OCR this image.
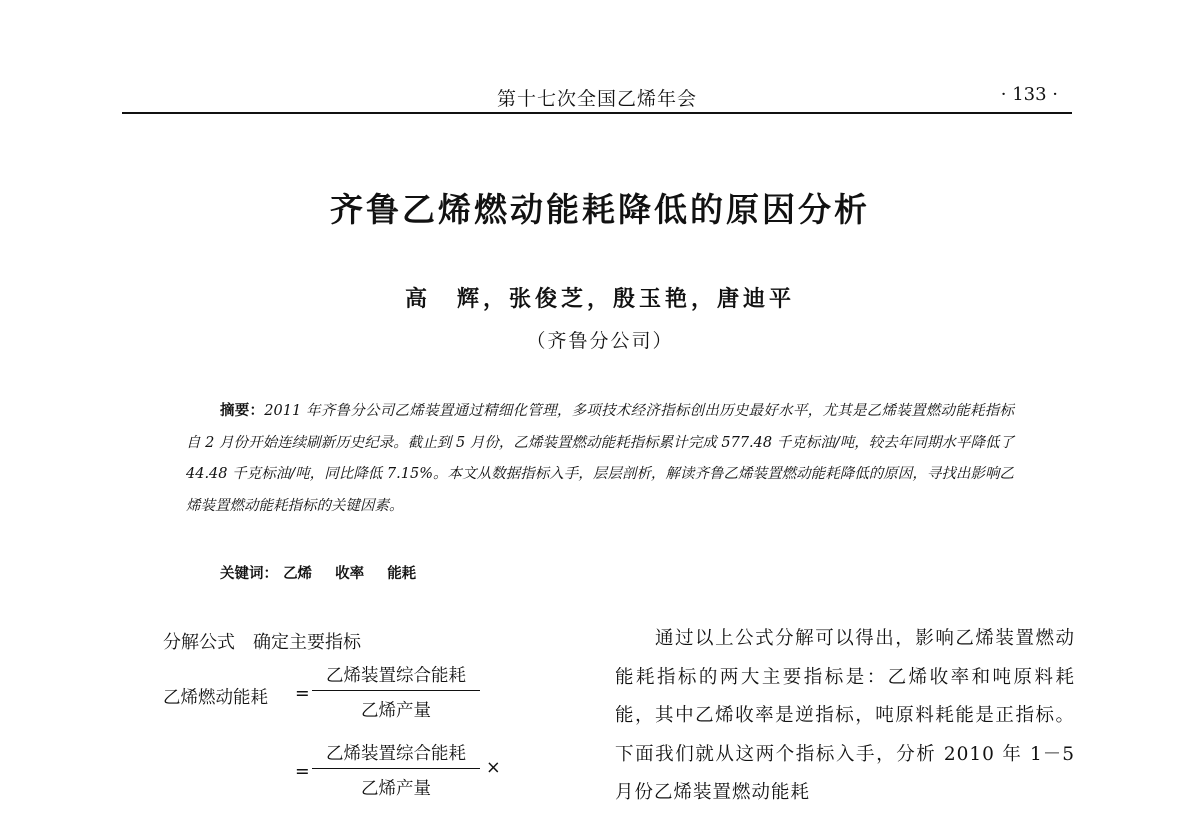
第十七次全国乙烯年会	· 133 ·
齐鲁乙烯燃动能耗降低的原因分析
高　辉，张俊芝，殷玉艳，唐迪平
（齐鲁分公司）

摘要：2011 年齐鲁分公司乙烯装置通过精细化管理，多项技术经济指标创出历史最好水平，尤其是乙烯装置燃动能耗指标自 2 月份开始连续刷新历史纪录。截止到 5 月份，乙烯装置燃动能耗指标累计完成 577.48 千克标油/吨，较去年同期水平降低了 44.48 千克标油/吨，同比降低 7.15%。本文从数据指标入手，层层剖析，解读齐鲁乙烯装置燃动能耗降低的原因，寻找出影响乙烯装置燃动能耗指标的关键因素。

关键词： 乙烯 收率 能耗
分解公式　确定主要指标
乙烯燃动能耗 =
乙烯装置综合能耗
乙烯产量
=
乙烯装置综合能耗
乙烯产量
×

通过以上公式分解可以得出，影响乙烯装置燃动能耗指标的两大主要指标是：乙烯收率和吨原料耗能，其中乙烯收率是逆指标，吨原料耗能是正指标。下面我们就从这两个指标入手，分析 2010 年 1－5 月份乙烯装置燃动能耗
